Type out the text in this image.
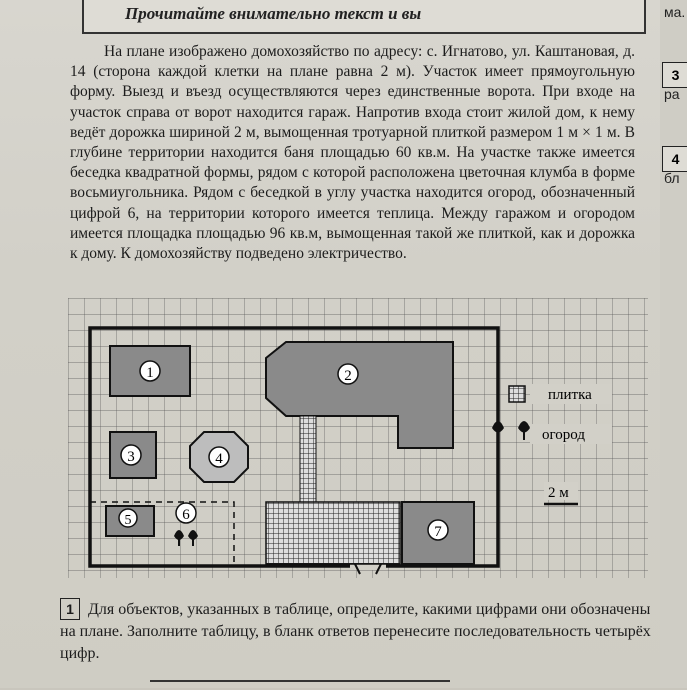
Прочитайте внимательно текст и вы	ма.
3
ра
4
бл
На плане изображено домохозяйство по адресу: с. Игнатово, ул. Каштановая, д. 14 (сторона каждой клетки на плане равна 2 м). Участок имеет прямоугольную форму. Выезд и въезд осуществляются через единственные ворота. При входе на участок справа от ворот находится гараж. Напротив входа стоит жилой дом, к нему ведёт дорожка шириной 2 м, вымощенная тротуарной плиткой размером 1 м × 1 м. В глубине территории находится баня площадью 60 кв.м. На участке также имеется беседка квадратной формы, рядом с которой расположена цветочная клумба в форме восьмиугольника. Рядом с беседкой в углу участка находится огород, обозначенный цифрой 6, на территории которого имеется теплица. Между гаражом и огородом имеется площадка площадью 96 кв.м, вымощенная такой же плиткой, как и дорожка к дому. К домохозяйству подведено электричество.
1	2
3	4
5	6
7
плитка
огород
2 м
1 Для объектов, указанных в таблице, определите, какими цифрами они обозначены на плане. Заполните таблицу, в бланк ответов перенесите последовательность четырёх цифр.
